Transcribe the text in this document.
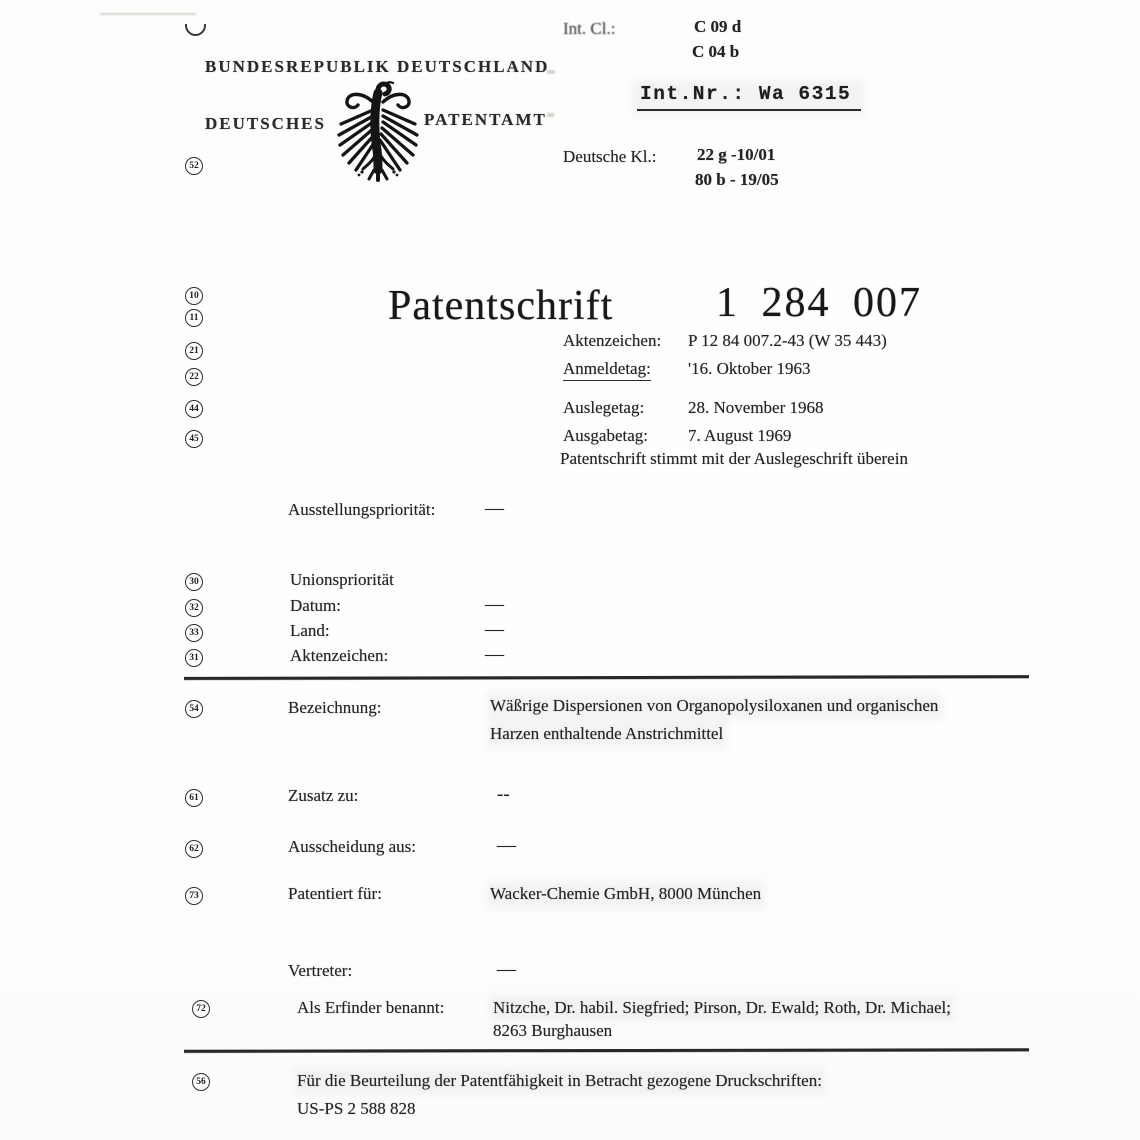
BUNDESREPUBLIK DEUTSCHLAND
DEUTSCHES	PATENTAMT
52
Int. Cl.:	C 09 d
C 04 b
Int.Nr.: Wa 6315
Deutsche Kl.: 22 g -10/01
80 b - 19/05
10
11	Patentschrift 1 284 007
21
Aktenzeichen: P 12 84 007.2-43 (W 35 443)
22	Anmeldetag: '16. Oktober 1963
44	Auslegetag:	28. November 1968
45	Ausgabetag: 7. August 1969
Patentschrift stimmt mit der Auslegeschrift überein
Ausstellungspriorität:	—
30	Unionspriorität
32	Datum:	—
33	Land:	—
31	Aktenzeichen:	—
54	Bezeichnung:	Wäßrige Dispersionen von Organopolysiloxanen und organischen
Harzen enthaltende Anstrichmittel
61	Zusatz zu:	--
62	Ausscheidung aus:	—
73	Patentiert für:	Wacker-Chemie GmbH, 8000 München
Vertreter:	—
72	Als Erfinder benannt:	Nitzche, Dr. habil. Siegfried; Pirson, Dr. Ewald; Roth, Dr. Michael;
8263 Burghausen
56	Für die Beurteilung der Patentfähigkeit in Betracht gezogene Druckschriften:
US-PS 2 588 828
